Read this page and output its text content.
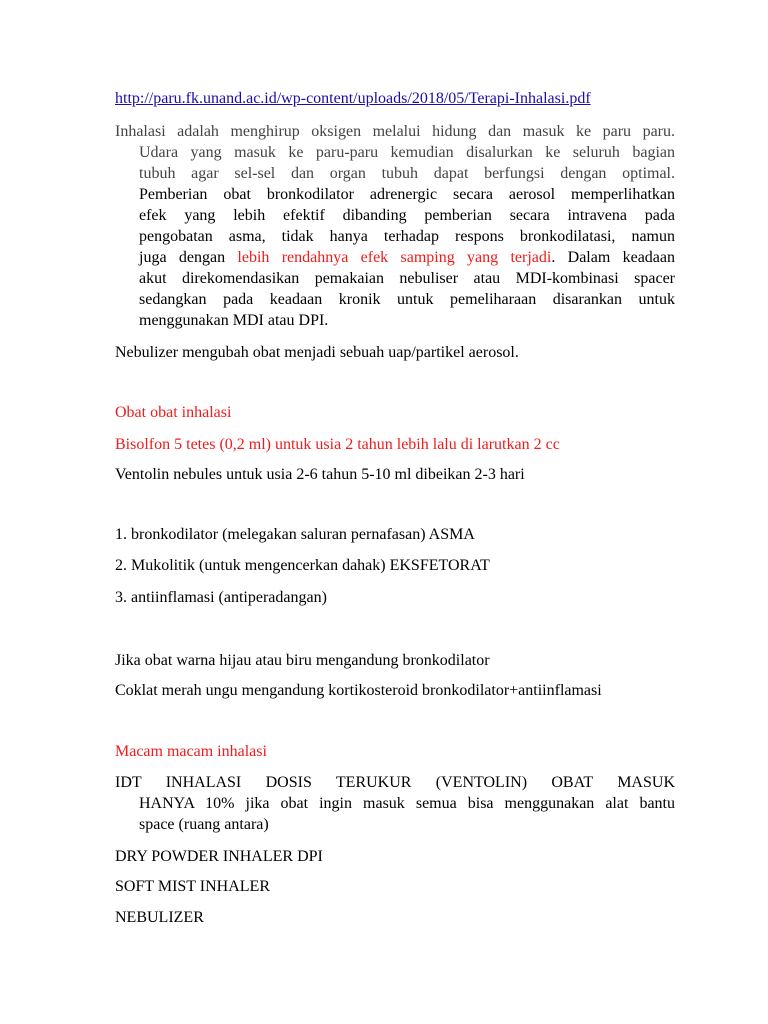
http://paru.fk.unand.ac.id/wp-content/uploads/2018/05/Terapi-Inhalasi.pdf
Inhalasi adalah menghirup oksigen melalui hidung dan masuk ke paru paru.
Udara yang masuk ke paru-paru kemudian disalurkan ke seluruh bagian
tubuh agar sel-sel dan organ tubuh dapat berfungsi dengan optimal.
Pemberian obat bronkodilator adrenergic secara aerosol memperlihatkan
efek yang lebih efektif dibanding pemberian secara intravena pada
pengobatan asma, tidak hanya terhadap respons bronkodilatasi, namun
juga dengan lebih rendahnya efek samping yang terjadi. Dalam keadaan
akut direkomendasikan pemakaian nebuliser atau MDI-kombinasi spacer
sedangkan pada keadaan kronik untuk pemeliharaan disarankan untuk
menggunakan MDI atau DPI.
Nebulizer mengubah obat menjadi sebuah uap/partikel aerosol.
Obat obat inhalasi
Bisolfon 5 tetes (0,2 ml) untuk usia 2 tahun lebih lalu di larutkan 2 cc
Ventolin nebules untuk usia 2-6 tahun 5-10 ml dibeikan 2-3 hari
1. bronkodilator (melegakan saluran pernafasan) ASMA
2. Mukolitik (untuk mengencerkan dahak) EKSFETORAT
3. antiinflamasi (antiperadangan)
Jika obat warna hijau atau biru mengandung bronkodilator
Coklat merah ungu mengandung kortikosteroid bronkodilator+antiinflamasi
Macam macam inhalasi
IDT INHALASI DOSIS TERUKUR (VENTOLIN) OBAT MASUK
HANYA 10% jika obat ingin masuk semua bisa menggunakan alat bantu
space (ruang antara)
DRY POWDER INHALER DPI
SOFT MIST INHALER
NEBULIZER
